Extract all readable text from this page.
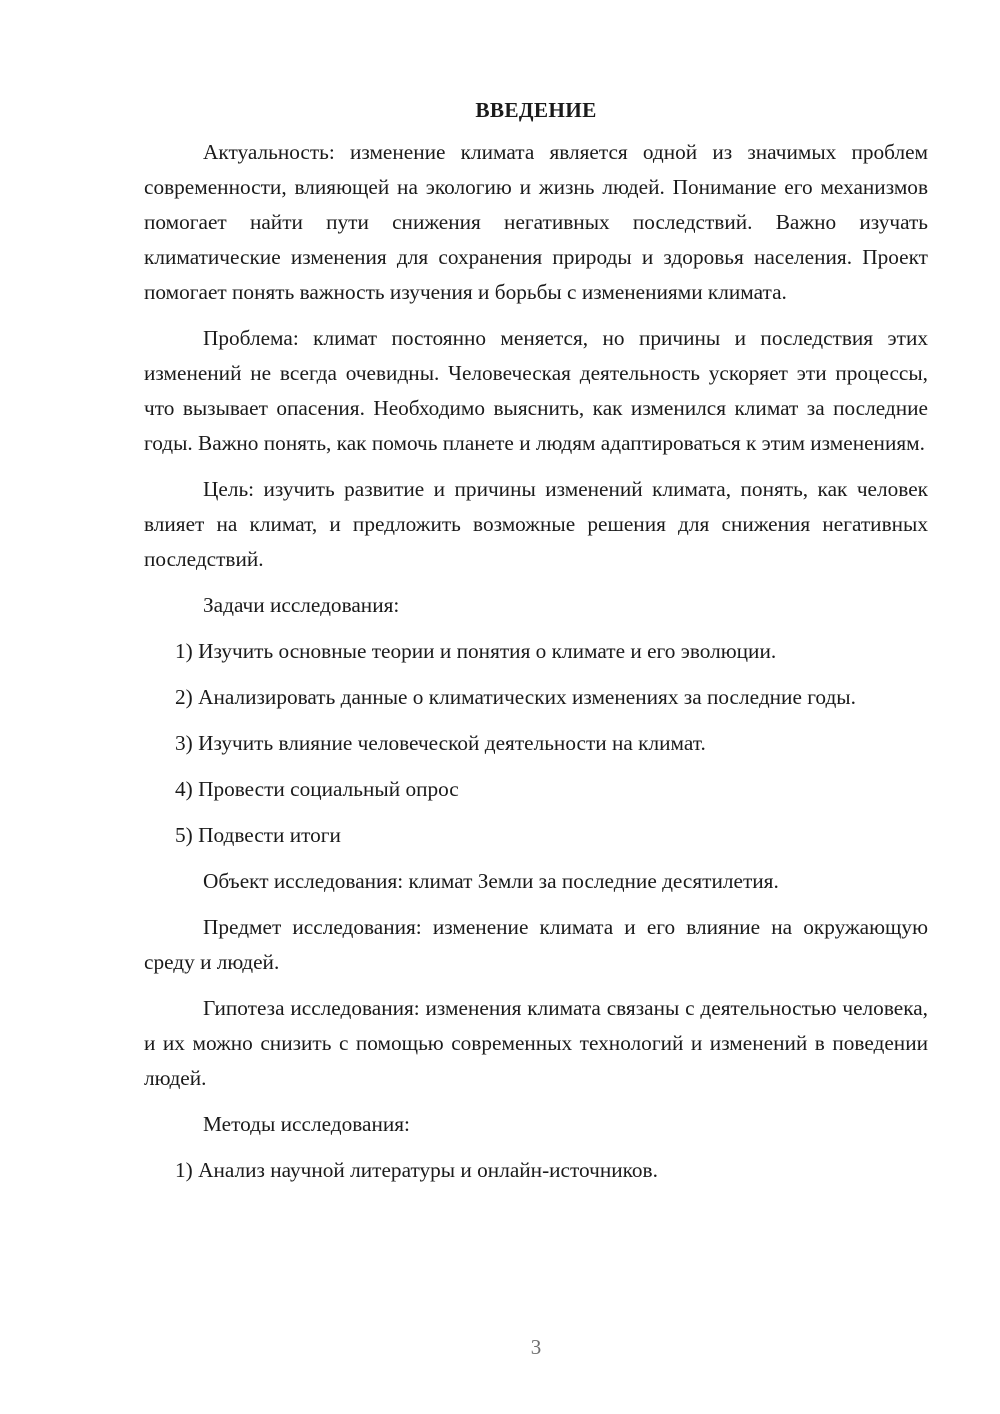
ВВЕДЕНИЕ

Актуальность: изменение климата является одной из значимых проблем современности, влияющей на экологию и жизнь людей. Понимание его механизмов помогает найти пути снижения негативных последствий. Важно изучать климатические изменения для сохранения природы и здоровья населения. Проект помогает понять важность изучения и борьбы с изменениями климата.

Проблема: климат постоянно меняется, но причины и последствия этих изменений не всегда очевидны. Человеческая деятельность ускоряет эти процессы, что вызывает опасения. Необходимо выяснить, как изменился климат за последние годы. Важно понять, как помочь планете и людям адаптироваться к этим изменениям.

Цель: изучить развитие и причины изменений климата, понять, как человек влияет на климат, и предложить возможные решения для снижения негативных последствий.

Задачи исследования:

1) Изучить основные теории и понятия о климате и его эволюции.

2) Анализировать данные о климатических изменениях за последние годы.

3) Изучить влияние человеческой деятельности на климат.

4) Провести социальный опрос

5) Подвести итоги

Объект исследования: климат Земли за последние десятилетия.

Предмет исследования: изменение климата и его влияние на окружающую среду и людей.

Гипотеза исследования: изменения климата связаны с деятельностью человека, и их можно снизить с помощью современных технологий и изменений в поведении людей.

Методы исследования:

1) Анализ научной литературы и онлайн-источников.

3
